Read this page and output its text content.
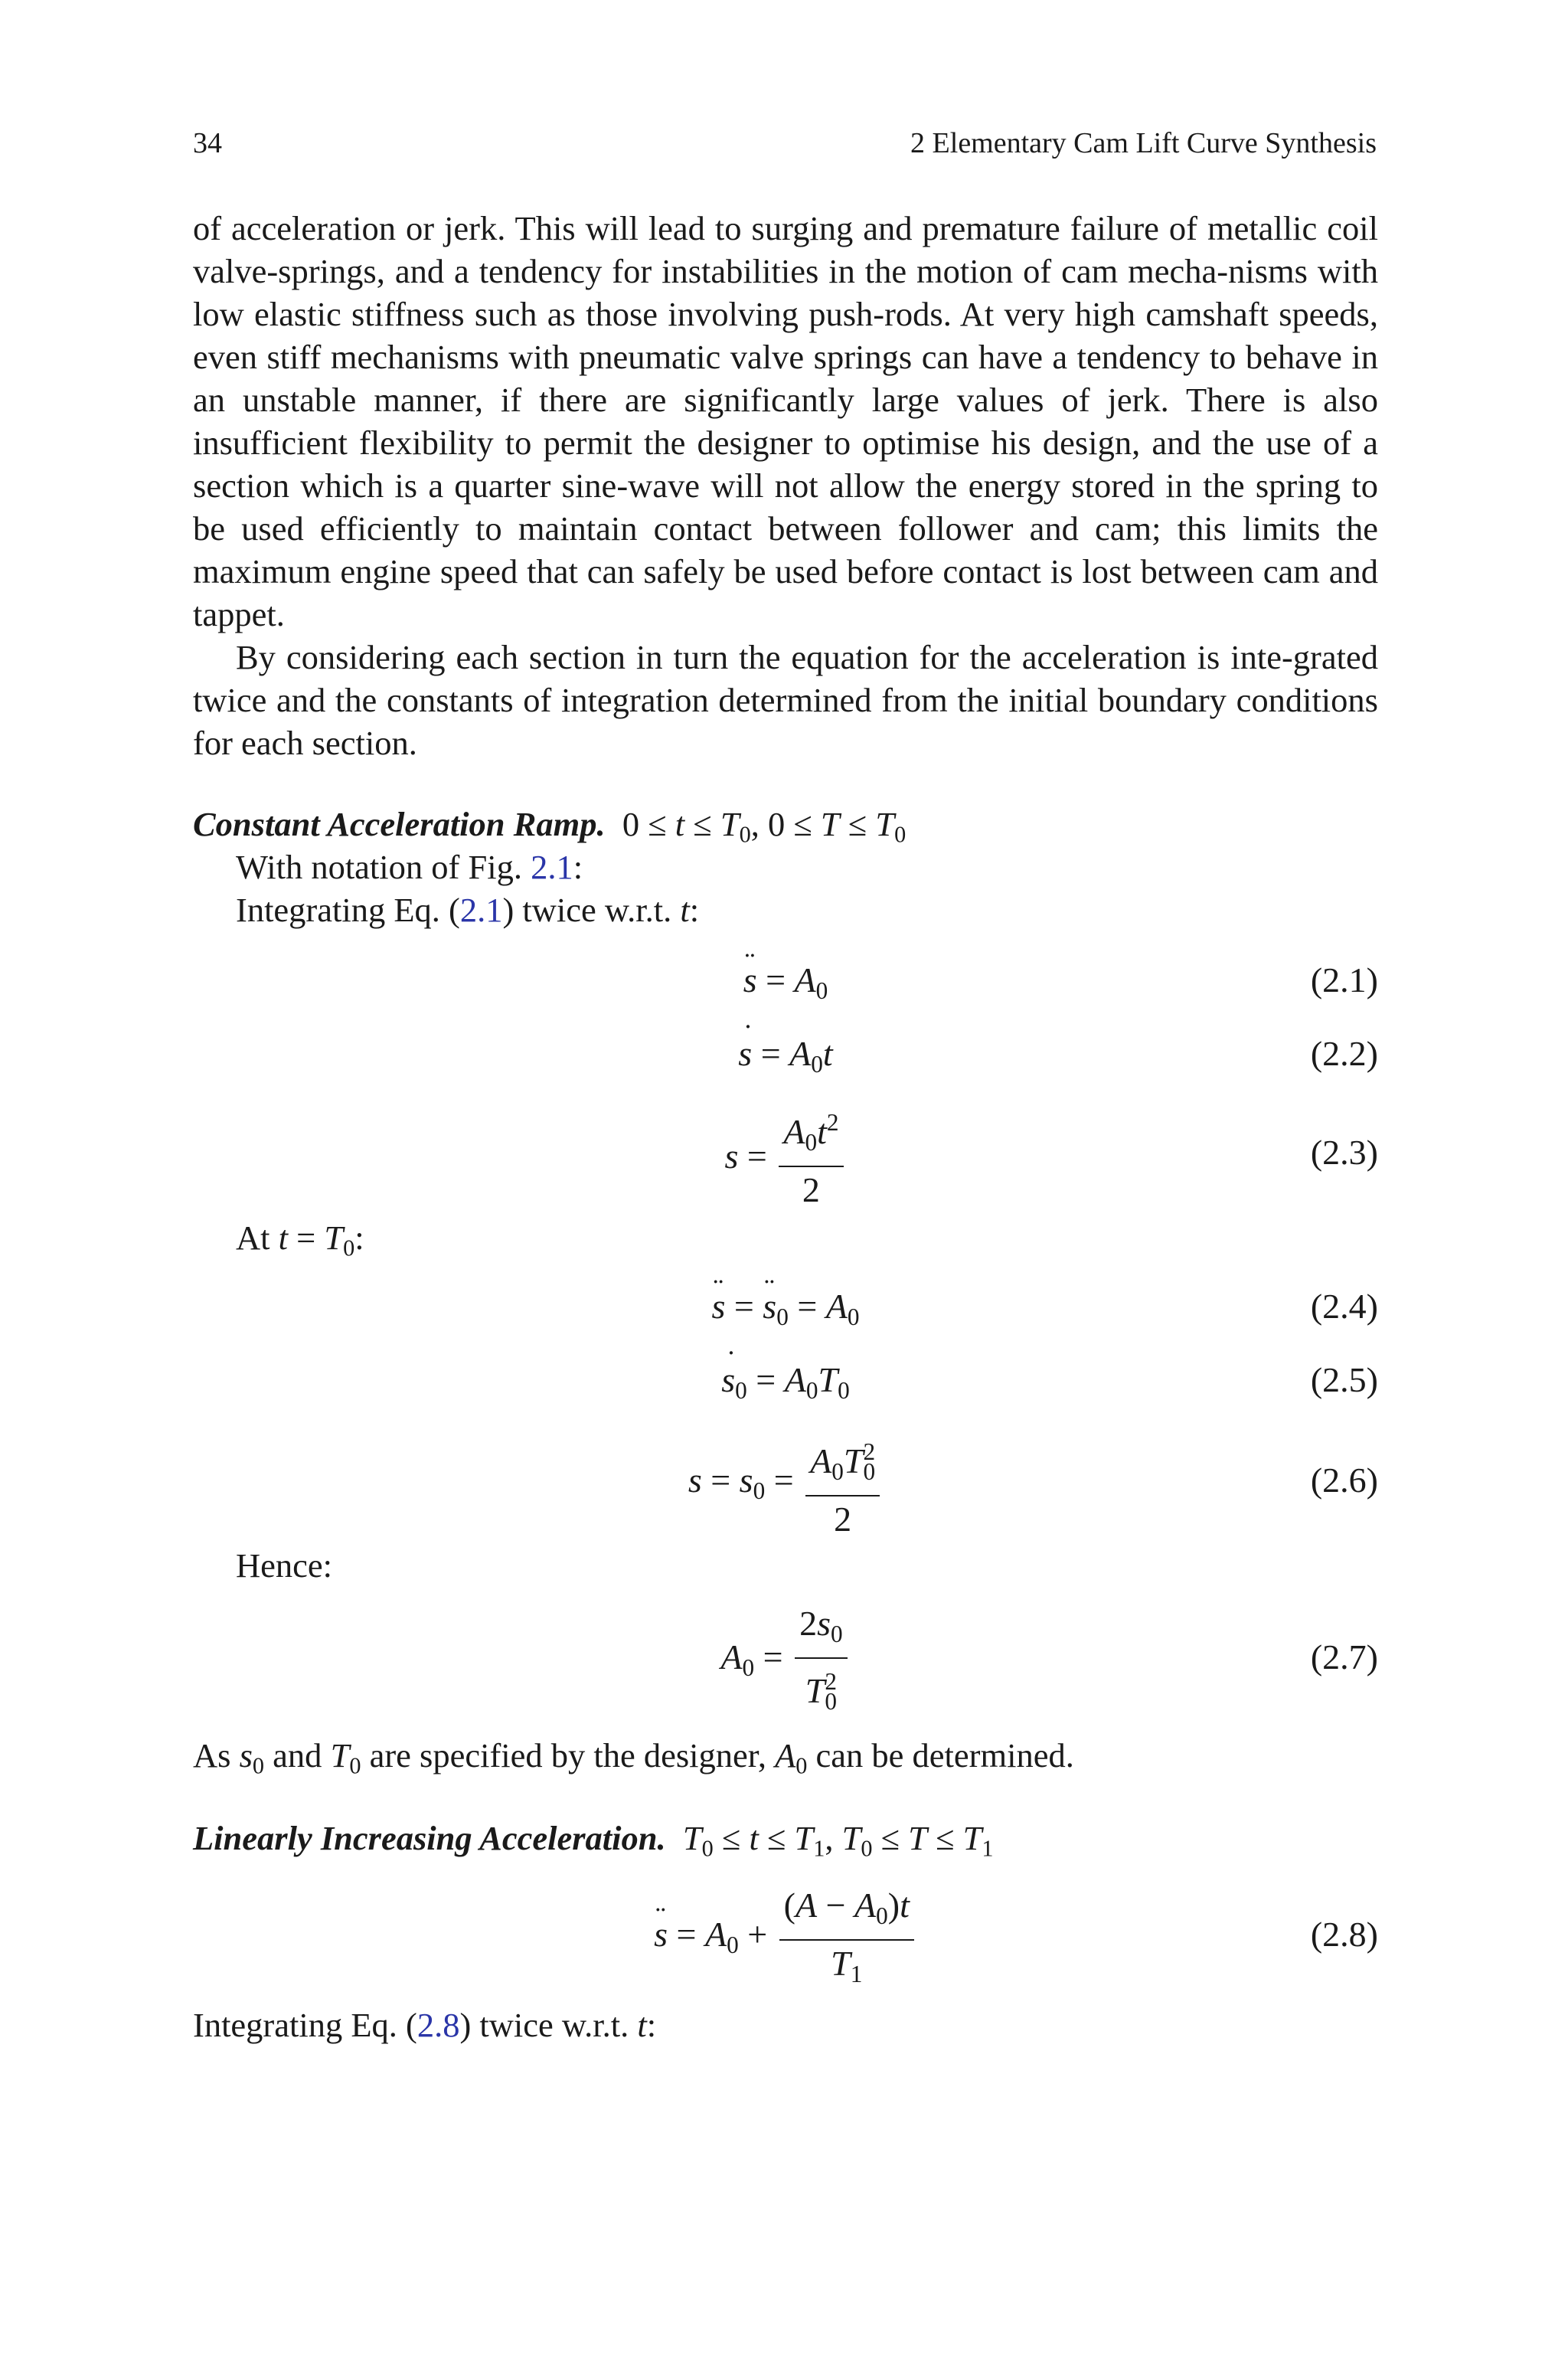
34	2 Elementary Cam Lift Curve Synthesis
of acceleration or jerk. This will lead to surging and premature failure of metallic coil valve-springs, and a tendency for instabilities in the motion of cam mecha-nisms with low elastic stiffness such as those involving push-rods. At very high camshaft speeds, even stiff mechanisms with pneumatic valve springs can have a tendency to behave in an unstable manner, if there are significantly large values of jerk. There is also insufficient flexibility to permit the designer to optimise his design, and the use of a section which is a quarter sine-wave will not allow the energy stored in the spring to be used efficiently to maintain contact between follower and cam; this limits the maximum engine speed that can safely be used before contact is lost between cam and tappet.
By considering each section in turn the equation for the acceleration is inte-grated twice and the constants of integration determined from the initial boundary conditions for each section.
Constant Acceleration Ramp.  $0 \le t \le T_0$, $0 \le T \le T_0$
With notation of Fig. 2.1:
Integrating Eq. (2.1) twice w.r.t. t:
¨ $s = A_0$	(2.1)
˙ $s = A_0t$	(2.2)
$s = \frac{A_0t^2}{2}$	(2.3)
At $t = T_0$:
¨ s = ¨ $s_0 = A_0$	(2.4)
˙ $s_0 = A_0T_0$	(2.5)
$s = s_0 = \frac{A_0T^2_0}{2}$	(2.6)
Hence:
$A_0 = \frac{2s_0}{T^2_0}$	(2.7)
As $s_0$ and $T_0$ are specified by the designer, $A_0$ can be determined.
Linearly Increasing Acceleration. $T_0 \le t \le T_1$, $T_0 \le T \le T_1$
¨ $s = A_0 + \frac{(A - A_0)t}{T_1}$	(2.8)
Integrating Eq. (2.8) twice w.r.t. t:
